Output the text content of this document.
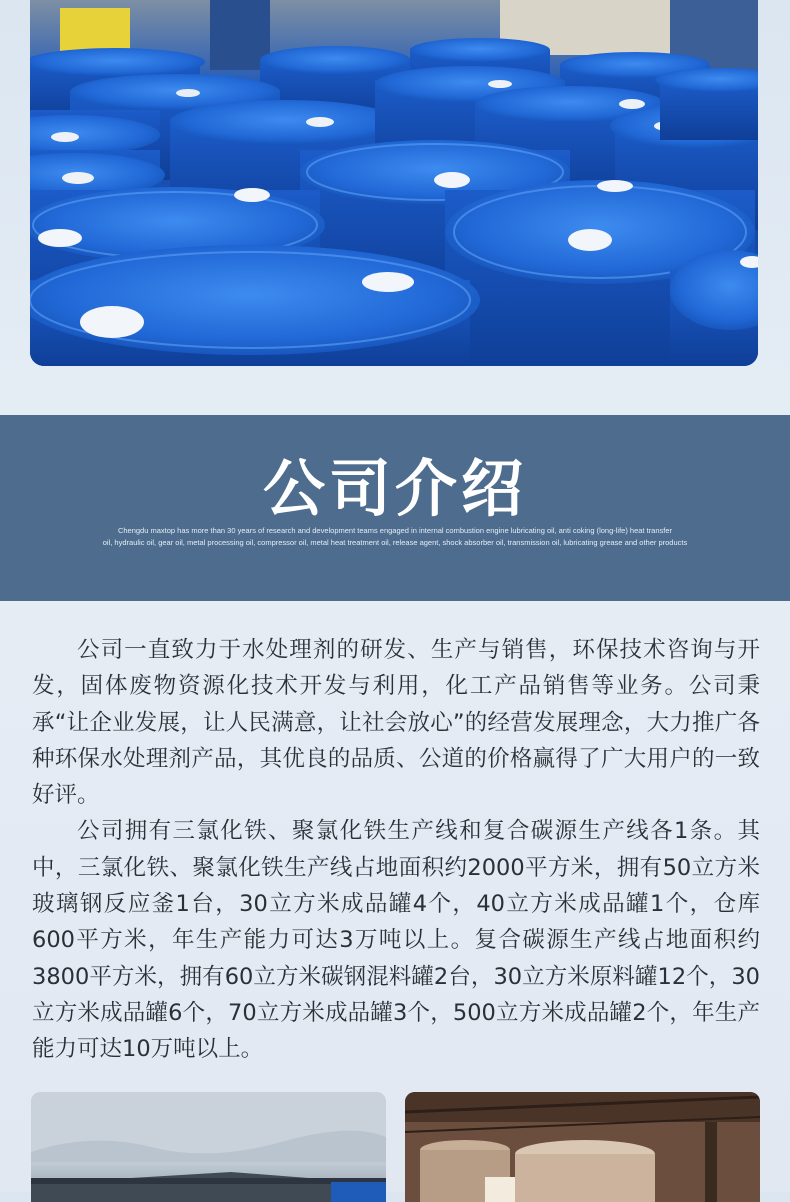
公司介绍
Chengdu maxtop has more than 30 years of research and development teams engaged in internal combustion engine lubricating oil, anti coking (long-life) heat transfer
oil, hydraulic oil, gear oil, metal processing oil, compressor oil, metal heat treatment oil, release agent, shock absorber oil, transmission oil, lubricating grease and other products

公司一直致力于水处理剂的研发、生产与销售，环保技术咨询与开发，固体废物资源化技术开发与利用，化工产品销售等业务。公司秉承“让企业发展，让人民满意，让社会放心”的经营发展理念，大力推广各种环保水处理剂产品，其优良的品质、公道的价格赢得了广大用户的一致好评。

公司拥有三氯化铁、聚氯化铁生产线和复合碳源生产线各1条。其中，三氯化铁、聚氯化铁生产线占地面积约2000平方米，拥有50立方米玻璃钢反应釜1台，30立方米成品罐4个，40立方米成品罐1个，仓库600平方米，年生产能力可达3万吨以上。复合碳源生产线占地面积约3800平方米，拥有60立方米碳钢混料罐2台，30立方米原料罐12个，30立方米成品罐6个，70立方米成品罐3个，500立方米成品罐2个，年生产能力可达10万吨以上。
